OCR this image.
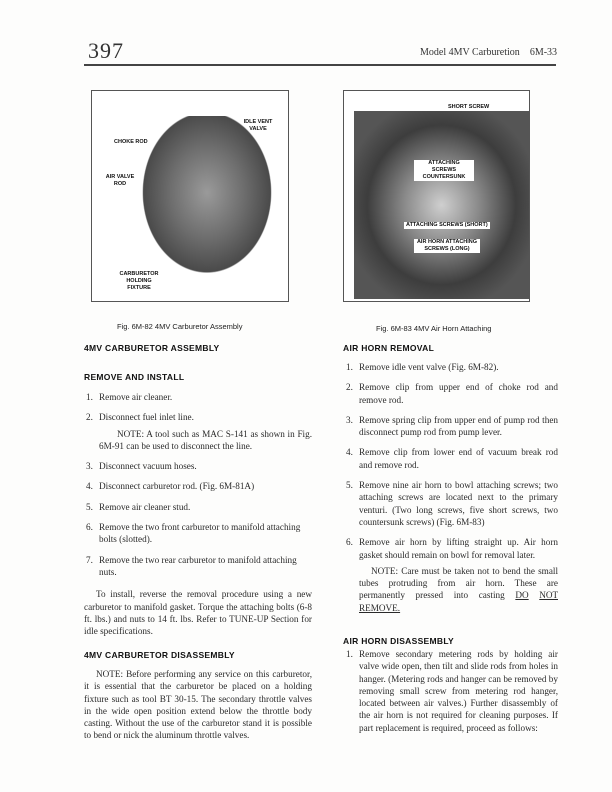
397	Model 4MV Carburetion 6M-33
IDLE VENT VALVE
CHOKE ROD
AIR VALVE ROD
CARBURETOR HOLDING FIXTURE
Fig. 6M-82 4MV Carburetor Assembly
SHORT SCREW
ATTACHING SCREWS COUNTERSUNK
ATTACHING SCREWS (SHORT)
AIR HORN ATTACHING SCREWS (LONG)
Fig. 6M-83 4MV Air Horn Attaching
4MV CARBURETOR ASSEMBLY
REMOVE AND INSTALL
1. Remove air cleaner.
2. Disconnect fuel inlet line.
NOTE: A tool such as MAC S-141 as shown in Fig. 6M-91 can be used to disconnect the line.
3. Disconnect vacuum hoses.
4. Disconnect carburetor rod. (Fig. 6M-81A)
5. Remove air cleaner stud.
6. Remove the two front carburetor to manifold attaching bolts (slotted).
7. Remove the two rear carburetor to manifold attaching nuts.
To install, reverse the removal procedure using a new carburetor to manifold gasket. Torque the attaching bolts (6-8 ft. lbs.) and nuts to 14 ft. lbs. Refer to TUNE-UP Section for idle specifications.
4MV CARBURETOR DISASSEMBLY
NOTE: Before performing any service on this carburetor, it is essential that the carburetor be placed on a holding fixture such as tool BT 30-15. The secondary throttle valves in the wide open position extend below the throttle body casting. Without the use of the carburetor stand it is possible to bend or nick the aluminum throttle valves.
AIR HORN REMOVAL
1. Remove idle vent valve (Fig. 6M-82).
2. Remove clip from upper end of choke rod and remove rod.
3. Remove spring clip from upper end of pump rod then disconnect pump rod from pump lever.
4. Remove clip from lower end of vacuum break rod and remove rod.
5. Remove nine air horn to bowl attaching screws; two attaching screws are located next to the primary venturi. (Two long screws, five short screws, two countersunk screws) (Fig. 6M-83)
6. Remove air horn by lifting straight up. Air horn gasket should remain on bowl for removal later.
NOTE: Care must be taken not to bend the small tubes protruding from air horn. These are permanently pressed into casting DO NOT REMOVE.
AIR HORN DISASSEMBLY
1. Remove secondary metering rods by holding air valve wide open, then tilt and slide rods from holes in hanger. (Metering rods and hanger can be removed by removing small screw from metering rod hanger, located between air valves.) Further disassembly of the air horn is not required for cleaning purposes. If part replacement is required, proceed as follows:
